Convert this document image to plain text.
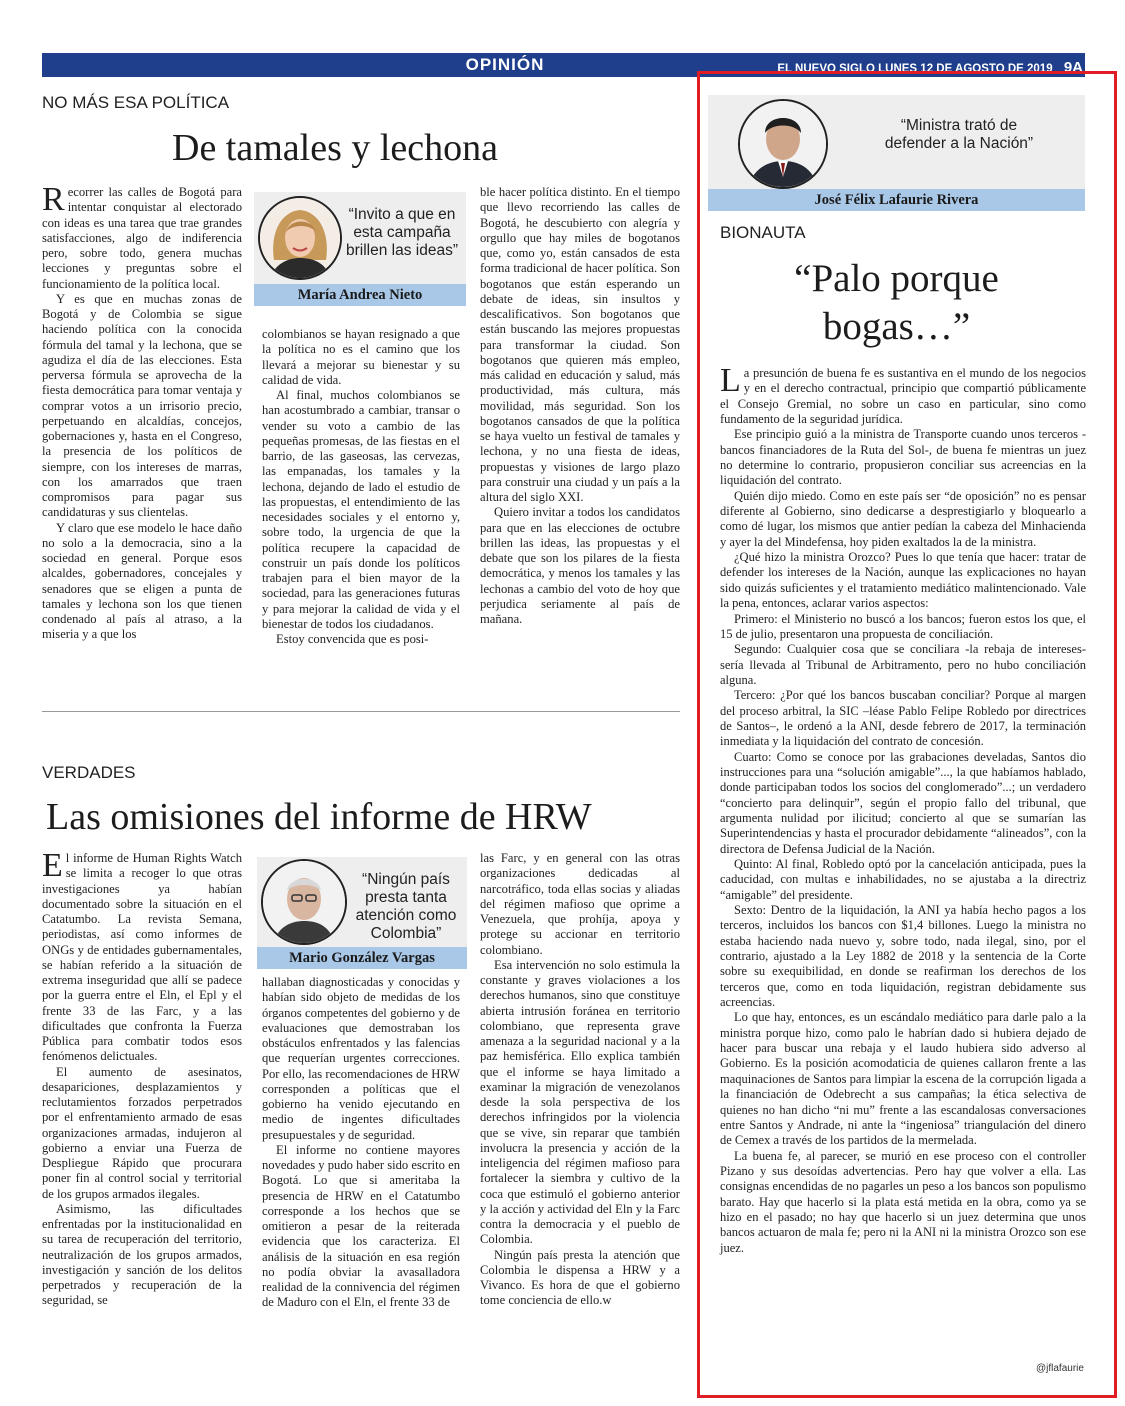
OPINIÓN	EL NUEVO SIGLO LUNES 12 DE AGOSTO DE 2019 9A
NO MÁS ESA POLÍTICA
De tamales y lechona

Recorrer las calles de Bogotá para intentar conquistar al electorado con ideas es una tarea que trae grandes satisfacciones, algo de indiferencia pero, sobre todo, genera muchas lecciones y preguntas sobre el funcionamiento de la política local.

Y es que en muchas zonas de Bogotá y de Colombia se sigue haciendo política con la conocida fórmula del tamal y la lechona, que se agudiza el día de las elecciones. Esta perversa fórmula se aprovecha de la fiesta democrática para tomar ventaja y comprar votos a un irrisorio precio, perpetuando en alcaldías, concejos, gobernaciones y, hasta en el Congreso, la presencia de los políticos de siempre, con los intereses de marras, con los amarrados que traen compromisos para pagar sus candidaturas y sus clientelas.

Y claro que ese modelo le hace daño no solo a la democracia, sino a la sociedad en general. Porque esos alcaldes, gobernadores, concejales y senadores que se eligen a punta de tamales y lechona son los que tienen condenado al país al atraso, a la miseria y a que los

“Invito a que en esta campaña brillen las ideas”
María Andrea Nieto

colombianos se hayan resignado a que la política no es el camino que los llevará a mejorar su bienestar y su calidad de vida.

Al final, muchos colombianos se han acostumbrado a cambiar, transar o vender su voto a cambio de las pequeñas promesas, de las fiestas en el barrio, de las gaseosas, las cervezas, las empanadas, los tamales y la lechona, dejando de lado el estudio de las propuestas, el entendimiento de las necesidades sociales y el entorno y, sobre todo, la urgencia de que la política recupere la capacidad de construir un país donde los políticos trabajen para el bien mayor de la sociedad, para las generaciones futuras y para mejorar la calidad de vida y el bienestar de todos los ciudadanos.

Estoy convencida que es posi-

ble hacer política distinto. En el tiempo que llevo recorriendo las calles de Bogotá, he descubierto con alegría y orgullo que hay miles de bogotanos que, como yo, están cansados de esta forma tradicional de hacer política. Son bogotanos que están esperando un debate de ideas, sin insultos y descalificativos. Son bogotanos que están buscando las mejores propuestas para transformar la ciudad. Son bogotanos que quieren más empleo, más calidad en educación y salud, más productividad, más cultura, más movilidad, más seguridad. Son los bogotanos cansados de que la política se haya vuelto un festival de tamales y lechona, y no una fiesta de ideas, propuestas y visiones de largo plazo para construir una ciudad y un país a la altura del siglo XXI.

Quiero invitar a todos los candidatos para que en las elecciones de octubre brillen las ideas, las propuestas y el debate que son los pilares de la fiesta democrática, y menos los tamales y las lechonas a cambio del voto de hoy que perjudica seriamente al país de mañana.

VERDADES
Las omisiones del informe de HRW

El informe de Human Rights Watch se limita a recoger lo que otras investigaciones ya habían documentado sobre la situación en el Catatumbo. La revista Semana, periodistas, así como informes de ONGs y de entidades gubernamentales, se habían referido a la situación de extrema inseguridad que allí se padece por la guerra entre el Eln, el Epl y el frente 33 de las Farc, y a las dificultades que confronta la Fuerza Pública para combatir todos esos fenómenos delictuales.

El aumento de asesinatos, desapariciones, desplazamientos y reclutamientos forzados perpetrados por el enfrentamiento armado de esas organizaciones armadas, indujeron al gobierno a enviar una Fuerza de Despliegue Rápido que procurara poner fin al control social y territorial de los grupos armados ilegales.

Asimismo, las dificultades enfrentadas por la institucionalidad en su tarea de recuperación del territorio, neutralización de los grupos armados, investigación y sanción de los delitos perpetrados y recuperación de la seguridad, se

“Ningún país presta tanta atención como Colombia”
Mario González Vargas

hallaban diagnosticadas y conocidas y habían sido objeto de medidas de los órganos competentes del gobierno y de evaluaciones que demostraban los obstáculos enfrentados y las falencias que requerían urgentes correcciones. Por ello, las recomendaciones de HRW corresponden a políticas que el gobierno ha venido ejecutando en medio de ingentes dificultades presupuestales y de seguridad.

El informe no contiene mayores novedades y pudo haber sido escrito en Bogotá. Lo que si ameritaba la presencia de HRW en el Catatumbo corresponde a los hechos que se omitieron a pesar de la reiterada evidencia que los caracteriza. El análisis de la situación en esa región no podía obviar la avasalladora realidad de la connivencia del régimen de Maduro con el Eln, el frente 33 de

las Farc, y en general con las otras organizaciones dedicadas al narcotráfico, toda ellas socias y aliadas del régimen mafioso que oprime a Venezuela, que prohíja, apoya y protege su accionar en territorio colombiano.

Esa intervención no solo estimula la constante y graves violaciones a los derechos humanos, sino que constituye abierta intrusión foránea en territorio colombiano, que representa grave amenaza a la seguridad nacional y a la paz hemisférica. Ello explica también que el informe se haya limitado a examinar la migración de venezolanos desde la sola perspectiva de los derechos infringidos por la violencia que se vive, sin reparar que también involucra la presencia y acción de la inteligencia del régimen mafioso para fortalecer la siembra y cultivo de la coca que estimuló el gobierno anterior y la acción y actividad del Eln y la Farc contra la democracia y el pueblo de Colombia.

Ningún país presta la atención que Colombia le dispensa a HRW y a Vivanco. Es hora de que el gobierno tome conciencia de ello.w

“Ministra trató de defender a la Nación”
José Félix Lafaurie Rivera
BIONAUTA
“Palo porque
bogas…”

La presunción de buena fe es sustantiva en el mundo de los negocios y en el derecho contractual, principio que compartió públicamente el Consejo Gremial, no sobre un caso en particular, sino como fundamento de la seguridad jurídica.

Ese principio guió a la ministra de Transporte cuando unos terceros -bancos financiadores de la Ruta del Sol-, de buena fe mientras un juez no determine lo contrario, propusieron conciliar sus acreencias en la liquidación del contrato.

Quién dijo miedo. Como en este país ser “de oposición” no es pensar diferente al Gobierno, sino dedicarse a desprestigiarlo y bloquearlo a como dé lugar, los mismos que antier pedían la cabeza del Minhacienda y ayer la del Mindefensa, hoy piden exaltados la de la ministra.

¿Qué hizo la ministra Orozco? Pues lo que tenía que hacer: tratar de defender los intereses de la Nación, aunque las explicaciones no hayan sido quizás suficientes y el tratamiento mediático malintencionado. Vale la pena, entonces, aclarar varios aspectos:

Primero: el Ministerio no buscó a los bancos; fueron estos los que, el 15 de julio, presentaron una propuesta de conciliación.

Segundo: Cualquier cosa que se conciliara -la rebaja de intereses- sería llevada al Tribunal de Arbitramento, pero no hubo conciliación alguna.

Tercero: ¿Por qué los bancos buscaban conciliar? Porque al margen del proceso arbitral, la SIC –léase Pablo Felipe Robledo por directrices de Santos–, le ordenó a la ANI, desde febrero de 2017, la terminación inmediata y la liquidación del contrato de concesión.

Cuarto: Como se conoce por las grabaciones develadas, Santos dio instrucciones para una “solución amigable”..., la que habíamos hablado, donde participaban todos los socios del conglomerado”...; un verdadero “concierto para delinquir”, según el propio fallo del tribunal, que argumenta nulidad por ilicitud; concierto al que se sumarían las Superintendencias y hasta el procurador debidamente “alineados”, con la directora de Defensa Judicial de la Nación.

Quinto: Al final, Robledo optó por la cancelación anticipada, pues la caducidad, con multas e inhabilidades, no se ajustaba a la directriz “amigable” del presidente.

Sexto: Dentro de la liquidación, la ANI ya había hecho pagos a los terceros, incluidos los bancos con $1,4 billones. Luego la ministra no estaba haciendo nada nuevo y, sobre todo, nada ilegal, sino, por el contrario, ajustado a la Ley 1882 de 2018 y la sentencia de la Corte sobre su exequibilidad, en donde se reafirman los derechos de los terceros que, como en toda liquidación, registran debidamente sus acreencias.

Lo que hay, entonces, es un escándalo mediático para darle palo a la ministra porque hizo, como palo le habrían dado si hubiera dejado de hacer para buscar una rebaja y el laudo hubiera sido adverso al Gobierno. Es la posición acomodaticia de quienes callaron frente a las maquinaciones de Santos para limpiar la escena de la corrupción ligada a la financiación de Odebrecht a sus campañas; la ética selectiva de quienes no han dicho “ni mu” frente a las escandalosas conversaciones entre Santos y Andrade, ni ante la “ingeniosa” triangulación del dinero de Cemex a través de los partidos de la mermelada.

La buena fe, al parecer, se murió en ese proceso con el controller Pizano y sus desoídas advertencias. Pero hay que volver a ella. Las consignas encendidas de no pagarles un peso a los bancos son populismo barato. Hay que hacerlo si la plata está metida en la obra, como ya se hizo en el pasado; no hay que hacerlo si un juez determina que unos bancos actuaron de mala fe; pero ni la ANI ni la ministra Orozco son ese juez.

@jflafaurie
